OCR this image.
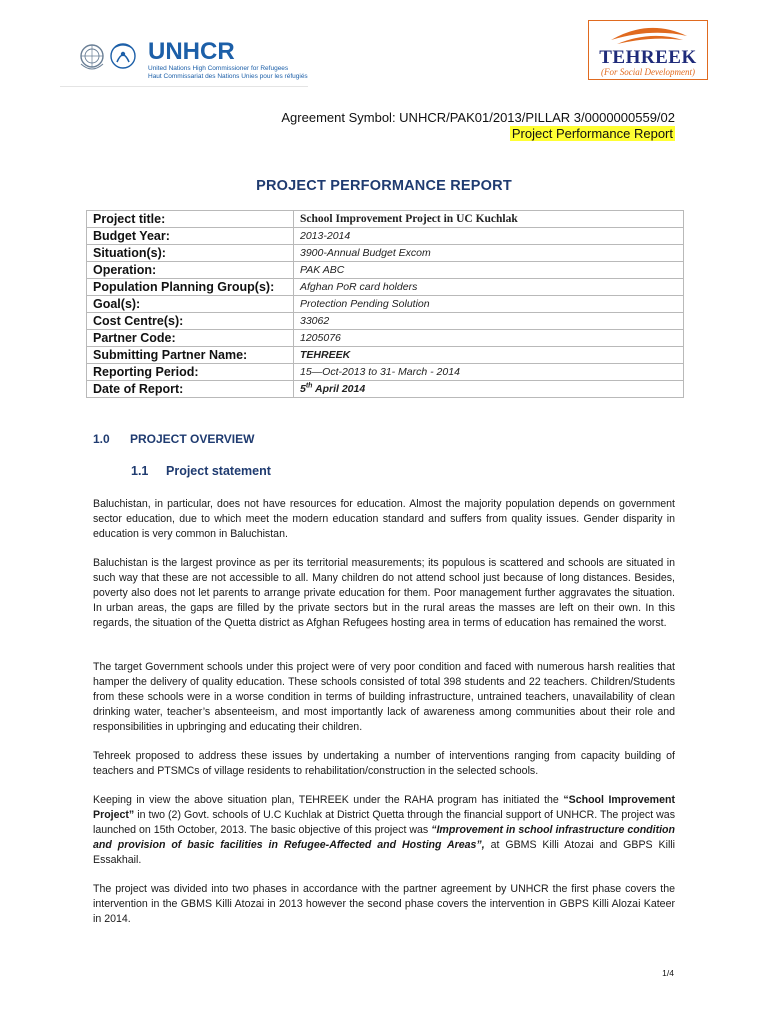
UNHCR
United Nations High Commissioner for Refugees
Haut Commissariat des Nations Unies pour les réfugiés
TEHREEK
(For Social Development)
Agreement Symbol: UNHCR/PAK01/2013/PILLAR 3/0000000559/02
Project Performance Report
PROJECT PERFORMANCE REPORT
Project title:	School Improvement Project in UC Kuchlak
Budget Year:	2013-2014
Situation(s):	3900-Annual Budget Excom
Operation:	PAK ABC
Population Planning Group(s):	Afghan PoR card holders
Goal(s):	Protection Pending Solution
Cost Centre(s):	33062
Partner Code:	1205076
Submitting Partner Name:	TEHREEK
Reporting Period:	15—Oct-2013 to 31- March - 2014
Date of Report:	5th April 2014
1.0 PROJECT OVERVIEW
1.1 Project statement
Baluchistan, in particular, does not have resources for education. Almost the majority population depends on government sector education, due to which meet the modern education standard and suffers from quality issues. Gender disparity in education is very common in Baluchistan.
Baluchistan is the largest province as per its territorial measurements; its populous is scattered and schools are situated in such way that these are not accessible to all. Many children do not attend school just because of long distances. Besides, poverty also does not let parents to arrange private education for them. Poor management further aggravates the situation. In urban areas, the gaps are filled by the private sectors but in the rural areas the masses are left on their own. In this regards, the situation of the Quetta district as Afghan Refugees hosting area in terms of education has remained the worst.
The target Government schools under this project were of very poor condition and faced with numerous harsh realities that hamper the delivery of quality education. These schools consisted of total 398 students and 22 teachers. Children/Students from these schools were in a worse condition in terms of building infrastructure, untrained teachers, unavailability of clean drinking water, teacher’s absenteeism, and most importantly lack of awareness among communities about their role and responsibilities in upbringing and educating their children.
Tehreek proposed to address these issues by undertaking a number of interventions ranging from capacity building of teachers and PTSMCs of village residents to rehabilitation/construction in the selected schools.
Keeping in view the above situation plan, TEHREEK under the RAHA program has initiated the “School Improvement Project” in two (2) Govt. schools of U.C Kuchlak at District Quetta through the financial support of UNHCR. The project was launched on 15th October, 2013. The basic objective of this project was “Improvement in school infrastructure condition and provision of basic facilities in Refugee-Affected and Hosting Areas”, at GBMS Killi Atozai and GBPS Killi Essakhail.
The project was divided into two phases in accordance with the partner agreement by UNHCR the first phase covers the intervention in the GBMS Killi Atozai in 2013 however the second phase covers the intervention in GBPS Killi Alozai Kateer in 2014.
1/4
